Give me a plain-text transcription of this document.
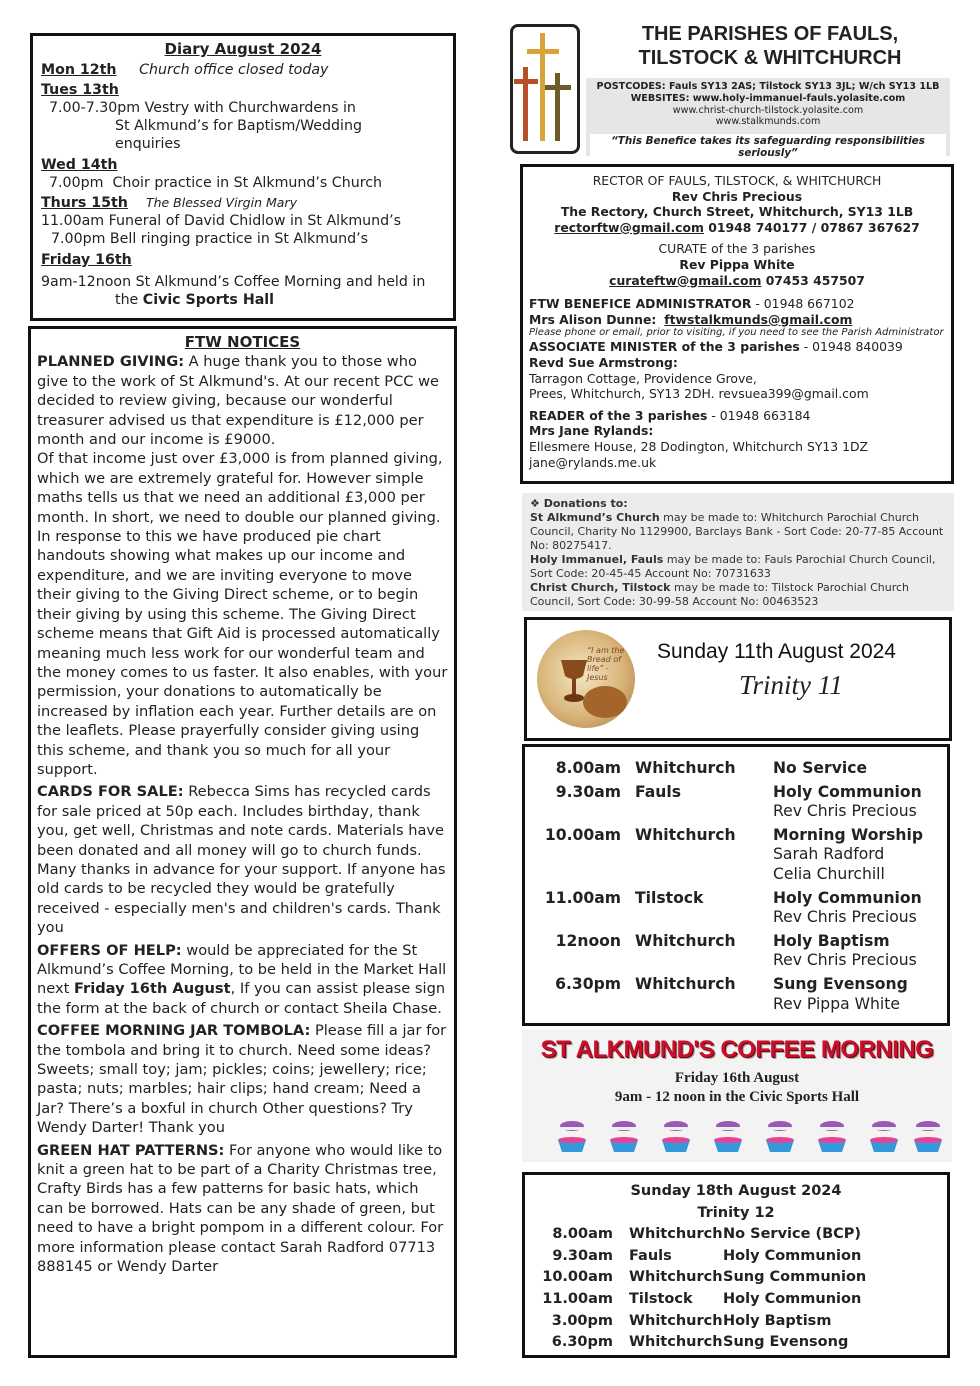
Diary August 2024
Mon 12th Church office closed today
Tues 13th
7.00-7.30pm Vestry with Churchwardens in
St Alkmund’s for Baptism/Wedding
enquiries
Wed 14th
7.00pm Choir practice in St Alkmund’s Church
Thurs 15th The Blessed Virgin Mary
11.00am Funeral of David Chidlow in St Alkmund’s
7.00pm Bell ringing practice in St Alkmund’s
Friday 16th
9am-12noon St Alkmund’s Coffee Morning and held in
the Civic Sports Hall
FTW NOTICES

PLANNED GIVING: A huge thank you to those who give to the work of St Alkmund's. At our recent PCC we decided to review giving, because our wonderful treasurer advised us that expenditure is £12,000 per month and our income is £9000.
Of that income just over £3,000 is from planned giving, which we are extremely grateful for. However simple maths tells us that we need an additional £3,000 per month. In short, we need to double our planned giving. In response to this we have produced pie chart handouts showing what makes up our income and expenditure, and we are inviting everyone to move their giving to the Giving Direct scheme, or to begin their giving by using this scheme. The Giving Direct scheme means that Gift Aid is processed automatically meaning much less work for our wonderful team and the money comes to us faster. It also enables, with your permission, your donations to automatically be increased by inflation each year. Further details are on the leaflets. Please prayerfully consider giving using this scheme, and thank you so much for all your support.

CARDS FOR SALE: Rebecca Sims has recycled cards for sale priced at 50p each. Includes birthday, thank you, get well, Christmas and note cards. Materials have been donated and all money will go to church funds. Many thanks in advance for your support. If anyone has old cards to be recycled they would be gratefully received - especially men's and children's cards. Thank you

OFFERS OF HELP: would be appreciated for the St Alkmund’s Coffee Morning, to be held in the Market Hall next Friday 16th August, If you can assist please sign the form at the back of church or contact Sheila Chase.

COFFEE MORNING JAR TOMBOLA: Please fill a jar for the tombola and bring it to church. Need some ideas? Sweets; small toy; jam; pickles; coins; jewellery; rice; pasta; nuts; marbles; hair clips; hand cream; Need a Jar? There’s a boxful in church Other questions? Try Wendy Darter! Thank you

GREEN HAT PATTERNS: For anyone who would like to knit a green hat to be part of a Charity Christmas tree, Crafty Birds has a few patterns for basic hats, which can be borrowed. Hats can be any shade of green, but need to have a bright pompom in a different colour. For more information please contact Sarah Radford 07713 888145 or Wendy Darter

THE PARISHES OF FAULS,
TILSTOCK & WHITCHURCH
POSTCODES: Fauls SY13 2AS; Tilstock SY13 3JL; W/ch SY13 1LB
WEBSITES: www.holy-immanuel-fauls.yolasite.com
www.christ-church-tilstock.yolasite.com
www.stalkmunds.com
“This Benefice takes its safeguarding responsibilities seriously”
RECTOR OF FAULS, TILSTOCK, & WHITCHURCH
Rev Chris Precious
The Rectory, Church Street, Whitchurch, SY13 1LB
rectorftw@gmail.com 01948 740177 / 07867 367627
CURATE of the 3 parishes
Rev Pippa White
curateftw@gmail.com 07453 457507
FTW BENEFICE ADMINISTRATOR - 01948 667102
Mrs Alison Dunne: ftwstalkmunds@gmail.com
Please phone or email, prior to visiting, if you need to see the Parish Administrator
ASSOCIATE MINISTER of the 3 parishes - 01948 840039
Revd Sue Armstrong:
Tarragon Cottage, Providence Grove,
Prees, Whitchurch, SY13 2DH. revsuea399@gmail.com
READER of the 3 parishes - 01948 663184
Mrs Jane Rylands:
Ellesmere House, 28 Dodington, Whitchurch SY13 1DZ
jane@rylands.me.uk
❖ Donations to:
St Alkmund’s Church may be made to: Whitchurch Parochial Church Council, Charity No 1129900, Barclays Bank - Sort Code: 20-77-85 Account No: 80275417.
Holy Immanuel, Fauls may be made to: Fauls Parochial Church Council, Sort Code: 20-45-45 Account No: 70731633
Christ Church, Tilstock may be made to: Tilstock Parochial Church Council, Sort Code: 30-99-58 Account No: 00463523
“I am the Bread of life” - Jesus
Sunday 11th August 2024
Trinity 11
8.00am Whitchurch	No Service
9.30am Fauls	Holy Communion
Rev Chris Precious
10.00am Whitchurch	Morning Worship
Sarah Radford
Celia Churchill
11.00am Tilstock	Holy Communion
Rev Chris Precious
12noon Whitchurch	Holy Baptism
Rev Chris Precious
6.30pm Whitchurch	Sung Evensong
Rev Pippa White
ST ALKMUND'S COFFEE MORNING
Friday 16th August
9am - 12 noon in the Civic Sports Hall
Sunday 18th August 2024
Trinity 12
8.00am	Whitchurch No Service (BCP)
9.30am	Fauls	Holy Communion
10.00am	Whitchurch Sung Communion
11.00am	Tilstock	Holy Communion
3.00pm	Whitchurch Holy Baptism
6.30pm	Whitchurch Sung Evensong
